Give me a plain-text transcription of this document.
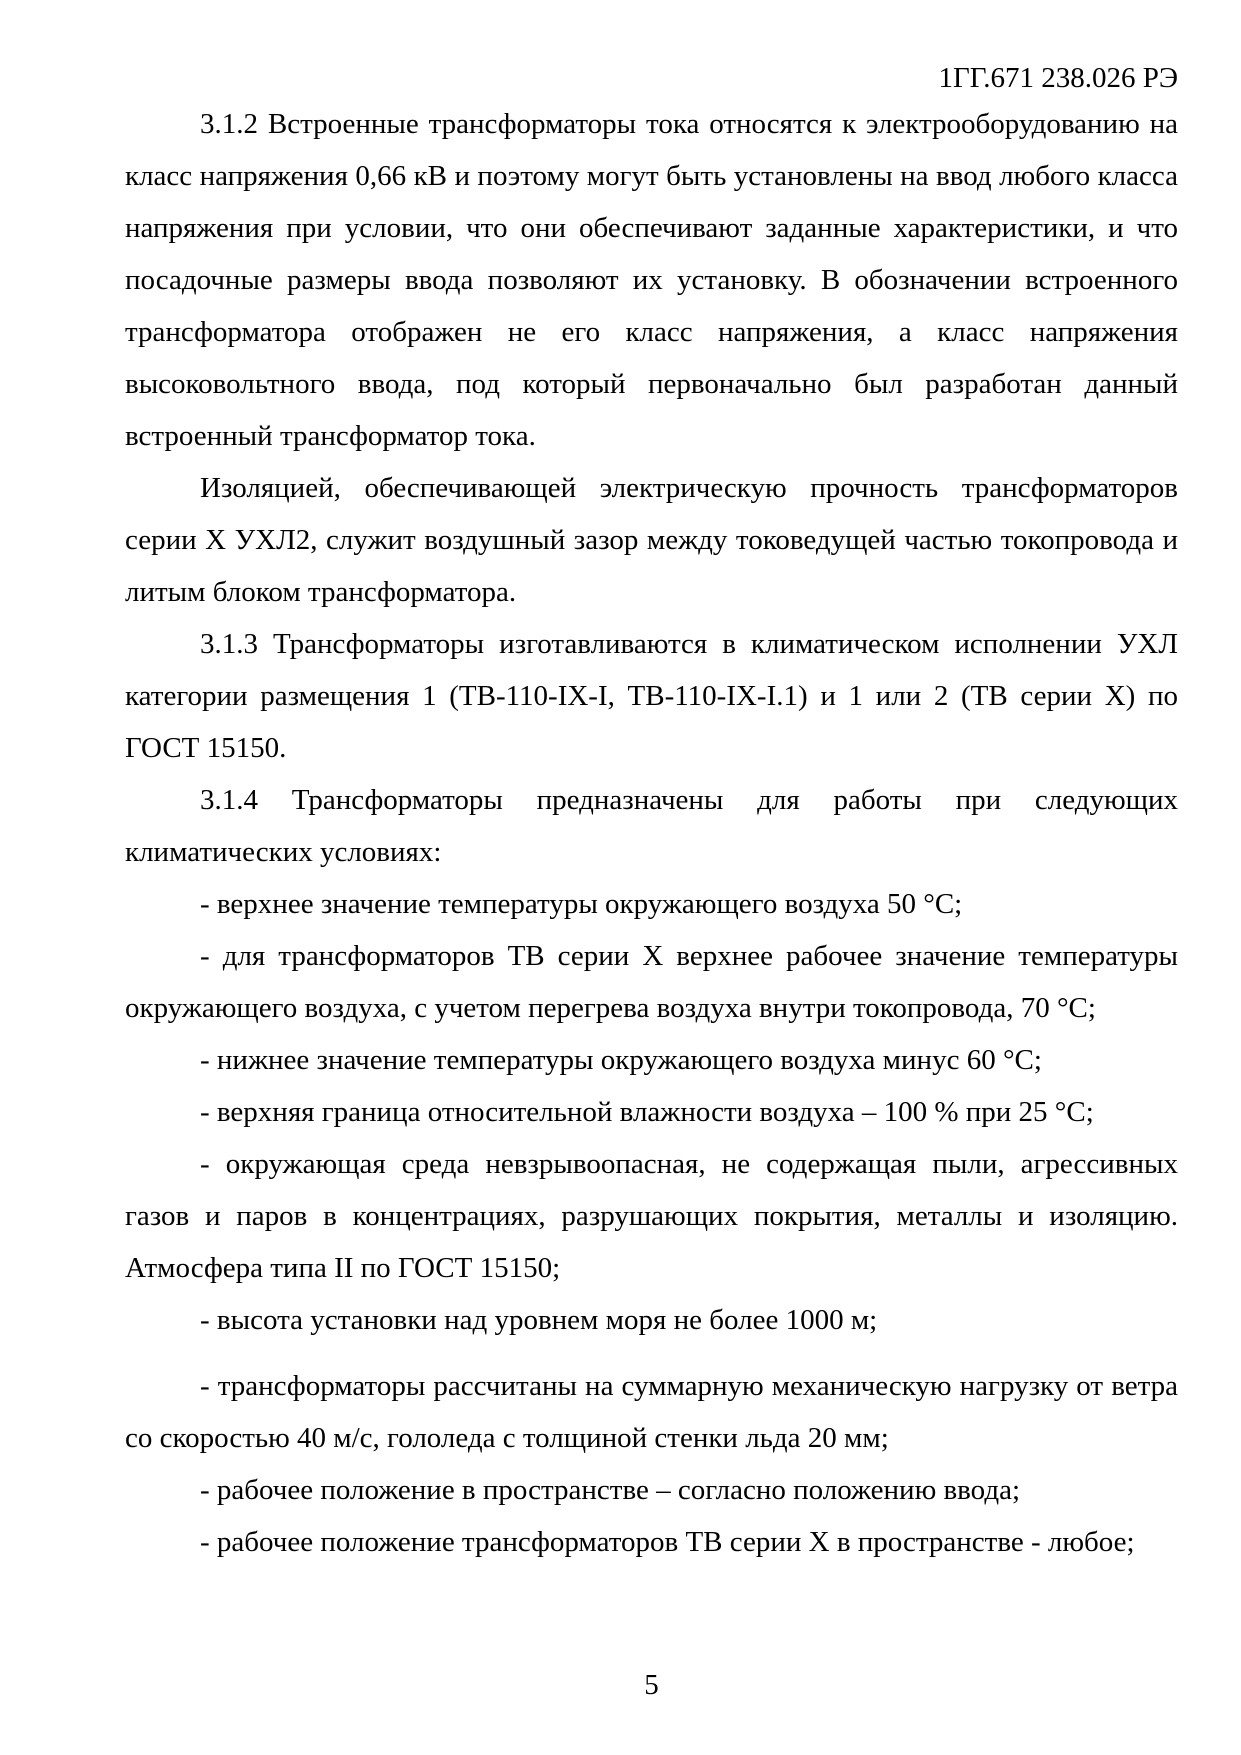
1ГГ.671 238.026 РЭ

3.1.2 Встроенные трансформаторы тока относятся к электрооборудованию на класс напряжения 0,66 кВ и поэтому могут быть установлены на ввод любого класса напряжения при условии, что они обеспечивают заданные характеристики, и что посадочные размеры ввода позволяют их установку. В обозначении встроенного трансформатора отображен не его класс напряжения, а класс напряжения высоковольтного ввода, под который первоначально был разработан данный встроенный трансформатор тока.

Изоляцией, обеспечивающей электрическую прочность трансформаторов серии Х УХЛ2, служит воздушный зазор между токоведущей частью токопровода и литым блоком трансформатора.

3.1.3 Трансформаторы изготавливаются в климатическом исполнении УХЛ категории размещения 1 (ТВ-110-IX-I, ТВ-110-IX-I.1) и 1 или 2 (ТВ серии Х) по ГОСТ 15150.

3.1.4 Трансформаторы предназначены для работы при следующих климатических условиях:

- верхнее значение температуры окружающего воздуха 50 °С;

- для трансформаторов ТВ серии Х верхнее рабочее значение температуры окружающего воздуха, с учетом перегрева воздуха внутри токопровода, 70 °С;

- нижнее значение температуры окружающего воздуха минус 60 °С;

- верхняя граница относительной влажности воздуха – 100 % при 25 °С;

- окружающая среда невзрывоопасная, не содержащая пыли, агрессивных газов и паров в концентрациях, разрушающих покрытия, металлы и изоляцию. Атмосфера типа II по ГОСТ 15150;

- высота установки над уровнем моря не более 1000 м;

- трансформаторы рассчитаны на суммарную механическую нагрузку от ветра со скоростью 40 м/с, гололеда с толщиной стенки льда 20 мм;

- рабочее положение в пространстве – согласно положению ввода;

- рабочее положение трансформаторов ТВ серии Х в пространстве - любое;

5
